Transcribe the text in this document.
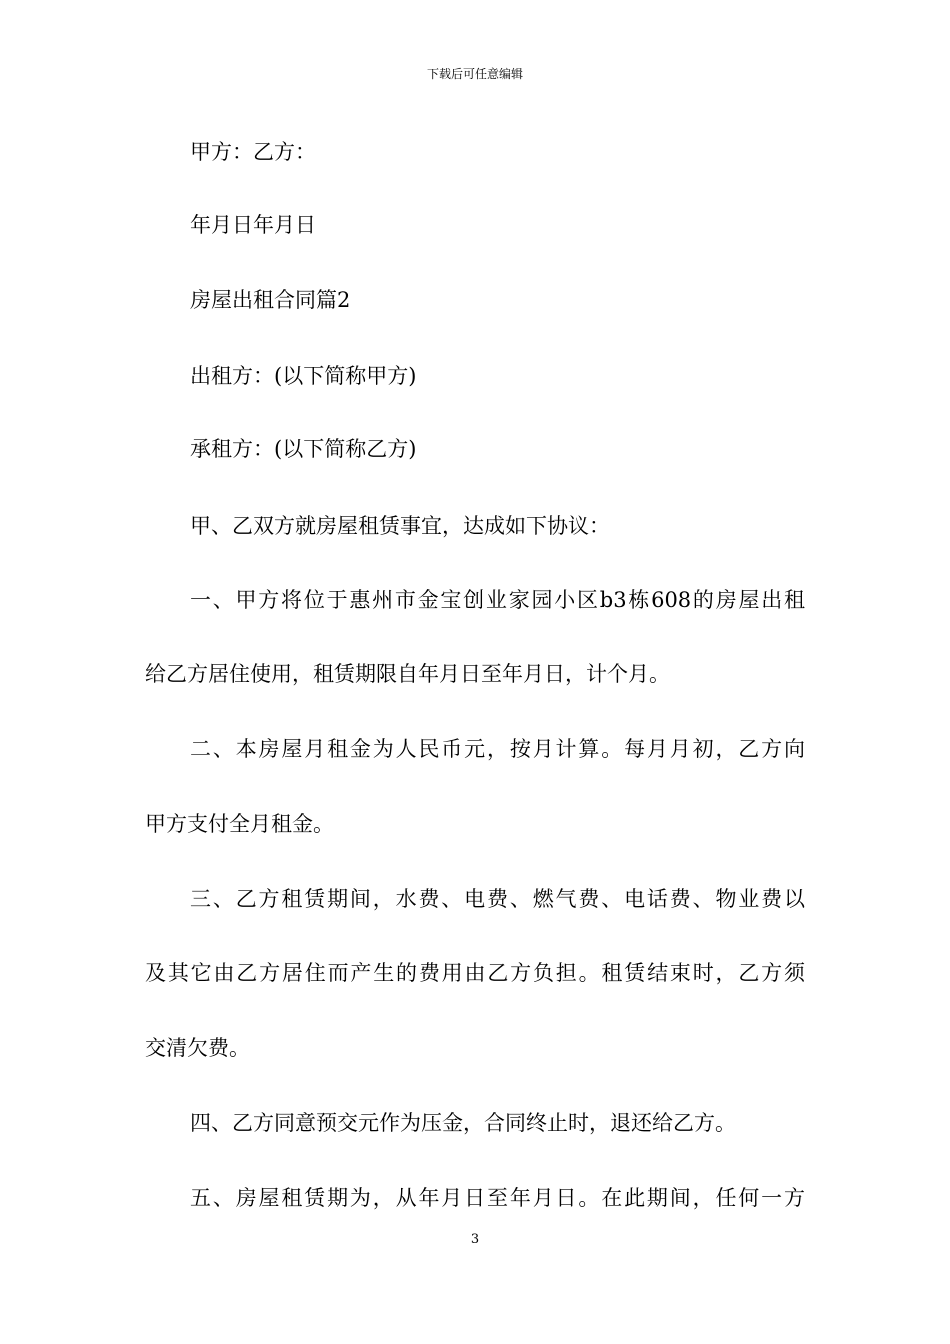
下载后可任意编辑

甲方：乙方：

年月日年月日

房屋出租合同篇2

出租方：(以下简称甲方)

承租方：(以下简称乙方)

甲、乙双方就房屋租赁事宜，达成如下协议：

一、甲方将位于惠州市金宝创业家园小区b3栋608的房屋出租

给乙方居住使用，租赁期限自年月日至年月日，计个月。

二、本房屋月租金为人民币元，按月计算。每月月初，乙方向

甲方支付全月租金。

三、乙方租赁期间，水费、电费、燃气费、电话费、物业费以

及其它由乙方居住而产生的费用由乙方负担。租赁结束时，乙方须

交清欠费。

四、乙方同意预交元作为压金，合同终止时，退还给乙方。

五、房屋租赁期为，从年月日至年月日。在此期间，任何一方

3
